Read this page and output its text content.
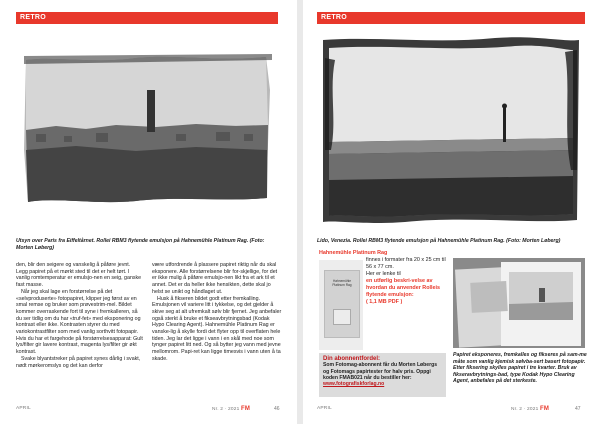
RETRO
Utsyn over Paris fra Eiffeltårnet. Rollei RBM3 flytende emulsjon på Hahnemühle Platinum Rag. (Foto: Morten Løberg)

den, blir den seigere og vanskelig å påføre jevnt. Legg papiret på et mørkt sted til det er helt tørt. I vanlig romtemperatur er emulsjo-nen en seig, ganske fast masse.

Når jeg skal lage en forstørrelse på det «selvproduserte» fotopapiret, klipper jeg først av en smal remse og bruker som prøvestrim-mel. Bildet kommer overraskende fort til syne i fremkalleren, så du ser tidlig om du har «truf-fet» med eksponering og kontrast eller ikke. Kontrasten styrer du med variokontrastfilter som med vanlig sorthvitt fotopapir. Hvis du har et fargehode på forstørrelsesapparat: Gult lys/filter gir lavere kontrast, magenta lys/filter gir økt kontrast.

Svake blyantstreker på papiret synes dårlig i svakt, nødt mørkeromslys og det kan derfor

være utfordrende å plassere papiret riktig når du skal eksponere. Alle forstørrelsene blir for-skjellige, for det er ikke mulig å påføre emulsjo-nen likt fra et ark til et annet. Det er da heller ikke hensikten, dette skal jo helst se unikt og håndlaget ut.

Husk å fikseren bildet godt etter fremkalling. Emulsjonen vil variere litt i tykkelse, og det gjelder å skive seg at alt ufremkalt sølv blir fjernet. Jeg anbefaler også sterkt å bruke et fikseavbrytningsbad (Kodak Hypo Clearing Agent). Hahnemühle Platinum Rag er vanske-lig å skylle fordi det flyter opp til overflaten hele tiden. Jeg lar det ligge i vann i en skål med noe som tynger papiret litt ned. Og så bytter jeg vann med jevne mellomrom. Papi-ret kan ligge timesvis i vann uten å ta skade.

APRIL	Nr. 2 · 2021 FM	46
RETRO
Lido, Venezia. Rollei RBM3 flytende emulsjon på Hahnemühle Platinum Rag. (Foto: Morten Løberg)
Hahnemühle
Platinum Rag
Hahnemühle Platinum Rag
finnes i formater fra 20 x 25 cm til 56 x 77 cm.
Her er lenke til
en utførlig beskri-velse av hvordan du anvender Rolleis flytende emulsjon:
( 1,1 MB PDF )
Din abonnentfordel:
Som Fotomag-abonnent får du Morten Løbergs og Fotomags papirtester for halv pris. Oppgi koden FMAB021 når du bestiller her:
www.fotografiskforlag.no
Papiret eksponeres, fremkalles og fikseres på sam-me måte som vanlig kjemisk sølvba-sert basert fotopapir. Etter fiksering skylles papiret i tre kvarter. Bruk av fikseravbrytnings-bad, type Kodak Hypo Clearing Agent, anbefales på det sterkeste.
APRIL	Nr. 2 · 2021 FM	47
